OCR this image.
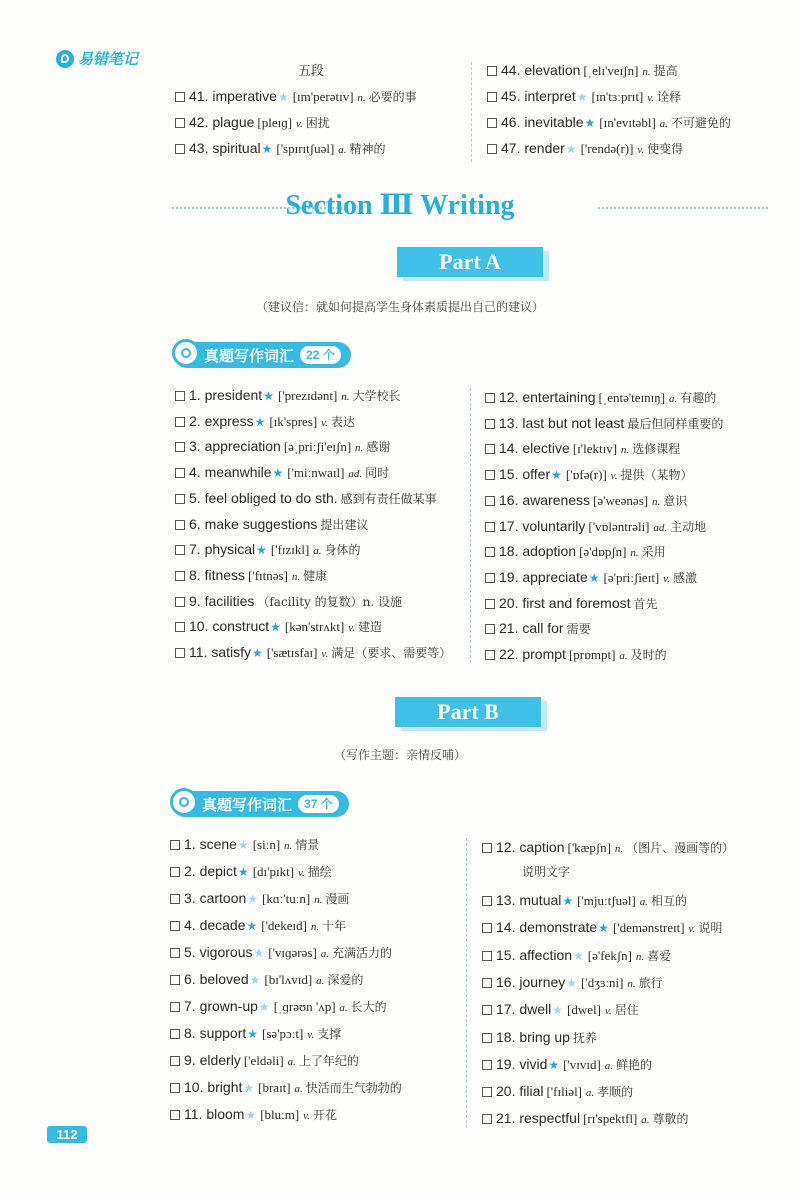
易错笔记
五段
41. imperative★ [ɪm'perətɪv] n. 必要的事
42. plague [pleɪɡ] v. 困扰
43. spiritual★ ['spɪrɪtʃuəl] a. 精神的
44. elevation [ˌelɪ'veɪʃn] n. 提高
45. interpret★ [ɪn'tɜːprɪt] v. 诠释
46. inevitable★ [ɪn'evɪtəbl] a. 不可避免的
47. render★ ['rendə(r)] v. 使变得
Section Ⅲ Writing
Part A
（建议信：就如何提高学生身体素质提出自己的建议）
真题写作词汇	22 个
1. president★ ['prezɪdənt] n. 大学校长
2. express★ [ɪk'spres] v. 表达
3. appreciation [əˌpriːʃi'eɪʃn] n. 感谢
4. meanwhile★ ['miːnwaɪl] ad. 同时
5. feel obliged to do sth. 感到有责任做某事
6. make suggestions 提出建议
7. physical★ ['fɪzɪkl] a. 身体的
8. fitness ['fɪtnəs] n. 健康
9. facilities （facility 的复数）n. 设施
10. construct★ [kən'strʌkt] v. 建造
11. satisfy★ ['sætɪsfaɪ] v. 满足（要求、需要等）
12. entertaining [ˌentə'teɪnɪŋ] a. 有趣的
13. last but not least 最后但同样重要的
14. elective [ɪ'lektɪv] n. 选修课程
15. offer★ ['ɒfə(r)] v. 提供（某物）
16. awareness [ə'weənəs] n. 意识
17. voluntarily ['vɒləntrəli] ad. 主动地
18. adoption [ə'dɒpʃn] n. 采用
19. appreciate★ [ə'priːʃieɪt] v. 感激
20. first and foremost 首先
21. call for 需要
22. prompt [prɒmpt] a. 及时的
Part B
（写作主题：亲情反哺）
真题写作词汇	37 个
1. scene★ [siːn] n. 情景
2. depict★ [dɪ'pɪkt] v. 描绘
3. cartoon★ [kɑː'tuːn] n. 漫画
4. decade★ ['dekeɪd] n. 十年
5. vigorous★ ['vɪɡərəs] a. 充满活力的
6. beloved★ [bɪ'lʌvɪd] a. 深爱的
7. grown-up★ [ˌɡrəʊn 'ʌp] a. 长大的
8. support★ [sə'pɔːt] v. 支撑
9. elderly ['eldəli] a. 上了年纪的
10. bright★ [braɪt] a. 快活而生气勃勃的
11. bloom★ [bluːm] v. 开花
12. caption ['kæpʃn] n. （图片、漫画等的）
说明文字
13. mutual★ ['mjuːtʃuəl] a. 相互的
14. demonstrate★ ['demənstreɪt] v. 说明
15. affection★ [ə'fekʃn] n. 喜爱
16. journey★ ['dʒɜːni] n. 旅行
17. dwell★ [dwel] v. 居住
18. bring up 抚养
19. vivid★ ['vɪvɪd] a. 鲜艳的
20. filial ['fɪliəl] a. 孝顺的
21. respectful [rɪ'spektfl] a. 尊敬的
112
